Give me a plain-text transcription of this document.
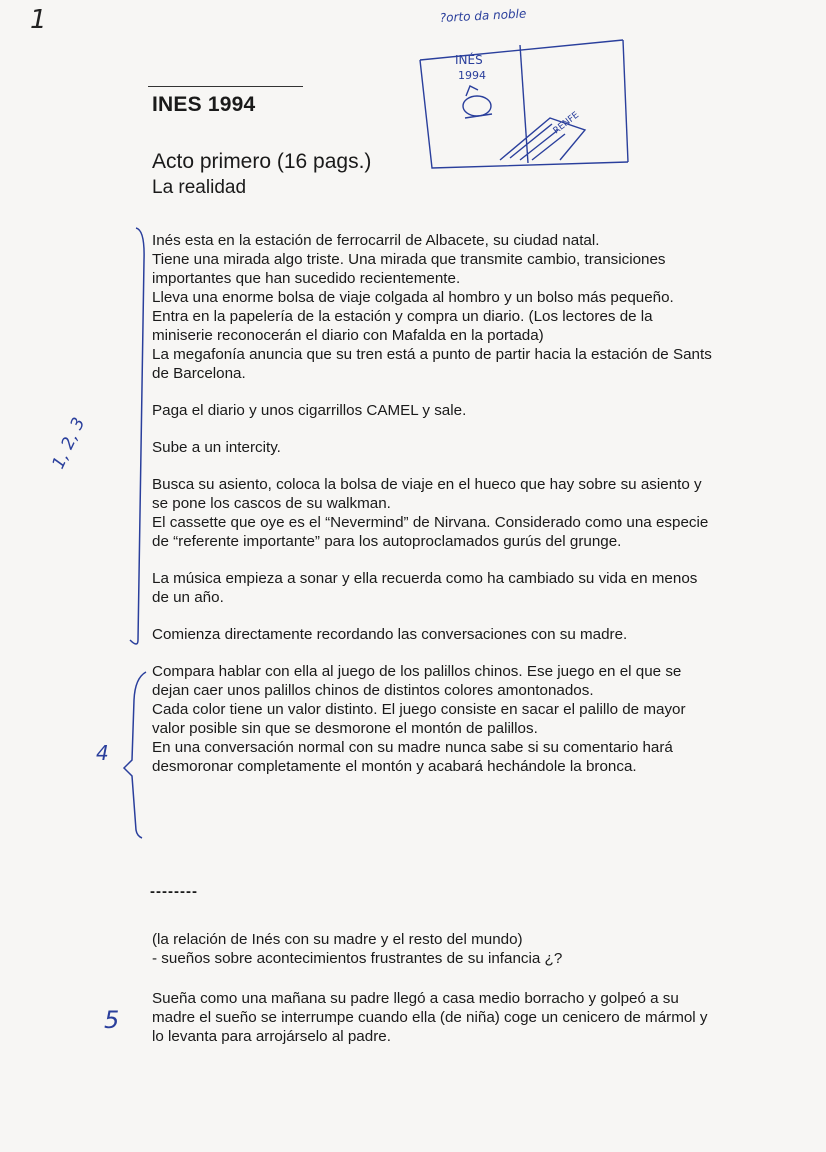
1	?orto da noble
INÉS
1994
RENFE
1, 2, 3
4
5
INES 1994
Acto primero (16 pags.)
La realidad

Inés esta en la estación de ferrocarril de Albacete, su ciudad natal.

Tiene una mirada algo triste. Una mirada que transmite cambio, transiciones importantes que han sucedido recientemente.

Lleva una enorme bolsa de viaje colgada al hombro y un bolso más pequeño.

Entra en la papelería de la estación y compra un diario. (Los lectores de la miniserie reconocerán el diario con Mafalda en la portada)

La megafonía anuncia que su tren está a punto de partir hacia la estación de Sants de Barcelona.

Paga el diario y unos cigarrillos CAMEL y sale.

Sube a un intercity.

Busca su asiento, coloca la bolsa de viaje en el hueco que hay sobre su asiento y se pone los cascos de su walkman.

El cassette que oye es el “Nevermind” de Nirvana. Considerado como una especie de “referente importante” para los autoproclamados gurús del grunge.

La música empieza a sonar y ella recuerda como ha cambiado su vida en menos de un año.

Comienza directamente recordando las conversaciones con su madre.

Compara hablar con ella al juego de los palillos chinos. Ese juego en el que se dejan caer unos palillos chinos de distintos colores amontonados.

Cada color tiene un valor distinto. El juego consiste en sacar el palillo de mayor valor posible sin que se desmorone el montón de palillos.

En una conversación normal con su madre nunca sabe si su comentario hará desmoronar completamente el montón y acabará hechándole la bronca.

--------

(la relación de Inés con su madre y el resto del mundo)

- sueños sobre acontecimientos frustrantes de su infancia ¿?

Sueña como una mañana su padre llegó a casa medio borracho y golpeó a su madre el sueño se interrumpe cuando ella (de niña) coge un cenicero de mármol y lo levanta para arrojárselo al padre.
